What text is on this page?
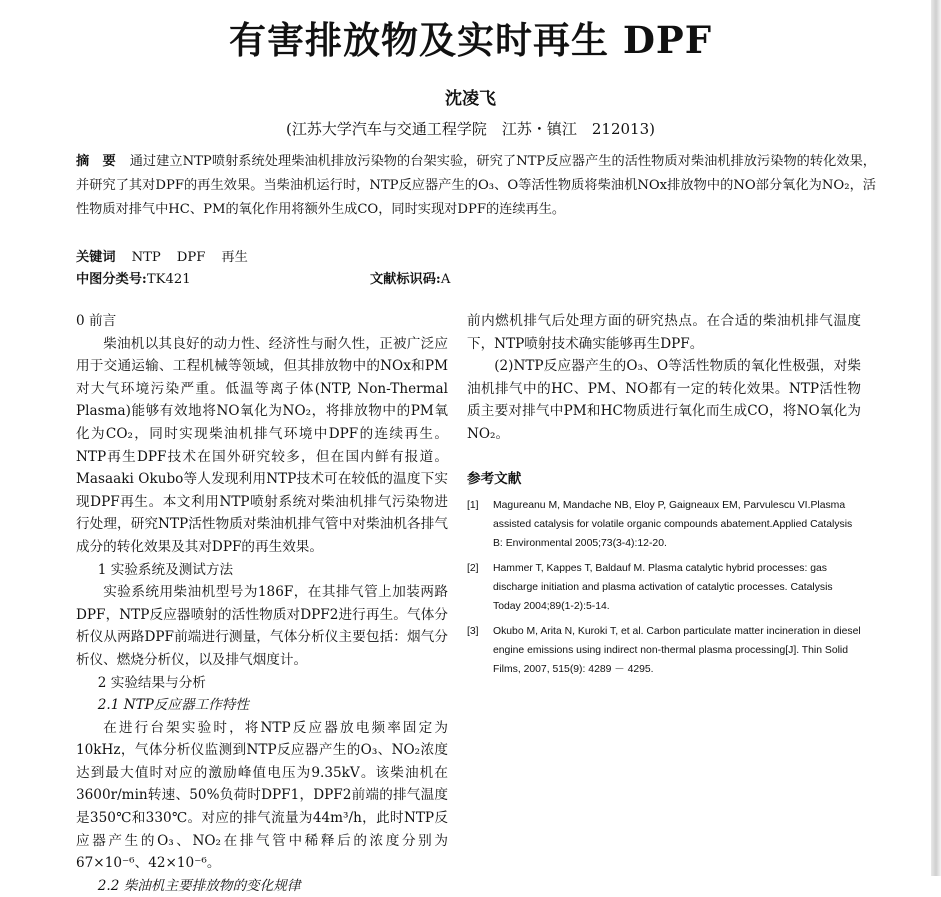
有害排放物及实时再生 DPF
沈凌飞
(江苏大学汽车与交通工程学院　江苏・镇江　212013)
摘　要 通过建立NTP喷射系统处理柴油机排放污染物的台架实验，研究了NTP反应器产生的活性物质对柴油机排放污染物的转化效果，并研究了其对DPF的再生效果。当柴油机运行时，NTP反应器产生的O₃、O等活性物质将柴油机NOx排放物中的NO部分氧化为NO₂，活性物质对排气中HC、PM的氧化作用将额外生成CO，同时实现对DPF的连续再生。
关键词 NTP DPF 再生
中图分类号:TK421	文献标识码:A

0 前言

柴油机以其良好的动力性、经济性与耐久性，正被广泛应用于交通运输、工程机械等领域，但其排放物中的NOx和PM对大气环境污染严重。低温等离子体(NTP, Non-Thermal Plasma)能够有效地将NO氧化为NO₂，将排放物中的PM氧化为CO₂，同时实现柴油机排气环境中DPF的连续再生。NTP再生DPF技术在国外研究较多，但在国内鲜有报道。Masaaki Okubo等人发现利用NTP技术可在较低的温度下实现DPF再生。本文利用NTP喷射系统对柴油机排气污染物进行处理，研究NTP活性物质对柴油机排气管中对柴油机各排气成分的转化效果及其对DPF的再生效果。

1 实验系统及测试方法

实验系统用柴油机型号为186F，在其排气管上加装两路DPF，NTP反应器喷射的活性物质对DPF2进行再生。气体分析仪从两路DPF前端进行测量，气体分析仪主要包括：烟气分析仪、燃烧分析仪，以及排气烟度计。

2 实验结果与分析

2.1 NTP反应器工作特性

在进行台架实验时，将NTP反应器放电频率固定为10kHz，气体分析仪监测到NTP反应器产生的O₃、NO₂浓度达到最大值时对应的激励峰值电压为9.35kV。该柴油机在3600r/min转速、50%负荷时DPF1，DPF2前端的排气温度是350℃和330℃。对应的排气流量为44m³/h，此时NTP反应器产生的O₃、NO₂在排气管中稀释后的浓度分别为67×10⁻⁶、42×10⁻⁶。

2.2 柴油机主要排放物的变化规律

前内燃机排气后处理方面的研究热点。在合适的柴油机排气温度下，NTP喷射技术确实能够再生DPF。

(2)NTP反应器产生的O₃、O等活性物质的氧化性极强，对柴油机排气中的HC、PM、NO都有一定的转化效果。NTP活性物质主要对排气中PM和HC物质进行氧化而生成CO，将NO氧化为NO₂。

参考文献
[1]	Magureanu M, Mandache NB, Eloy P, Gaigneaux EM, Parvulescu VI.Plasma assisted catalysis for volatile organic compounds abatement.Applied Catalysis B: Environmental 2005;73(3-4):12-20.
[2]	Hammer T, Kappes T, Baldauf M. Plasma catalytic hybrid processes: gas discharge initiation and plasma activation of catalytic processes. Catalysis Today 2004;89(1-2):5-14.
[3]	Okubo M, Arita N, Kuroki T, et al. Carbon particulate matter incineration in diesel engine emissions using indirect non-thermal plasma processing[J]. Thin Solid Films, 2007, 515(9): 4289 － 4295.
